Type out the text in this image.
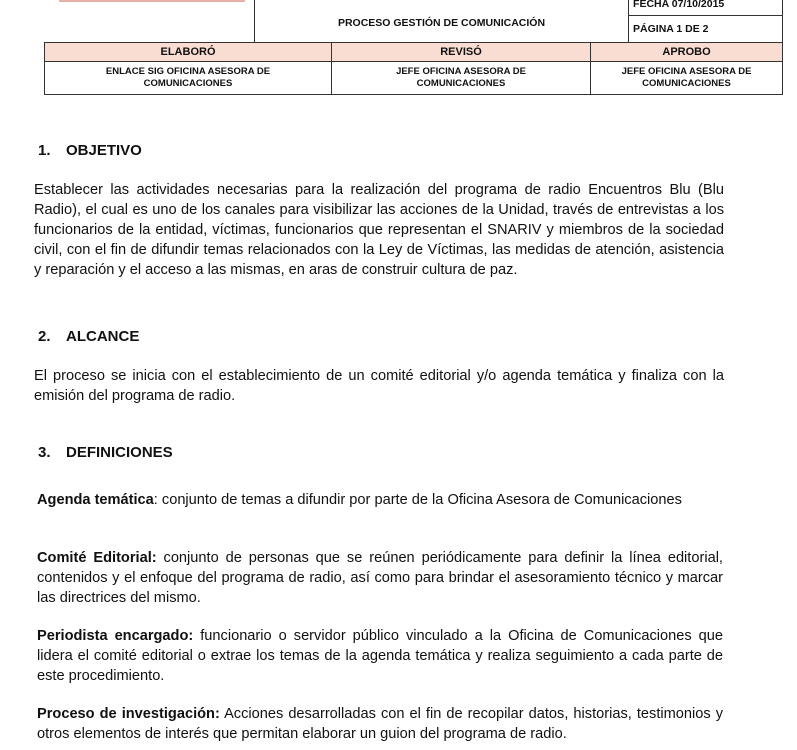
	PROCESO GESTIÓN DE COMUNICACIÓN			FECHA 07/10/2015
PÁGINA 1 DE 2

ELABORÓ		REVISÓ	APROBO	
ENLACE SIG OFICINA ASESORA DE COMUNICACIONES		JEFE OFICINA ASESORA DE COMUNICACIONES	JEFE OFICINA ASESORA DE COMUNICACIONES	
1. OBJETIVO

Establecer las actividades necesarias para la realización del programa de radio Encuentros Blu (Blu Radio), el cual es uno de los canales para visibilizar las acciones de la Unidad, través de entrevistas a los funcionarios de la entidad, víctimas, funcionarios que representan el SNARIV y miembros de la sociedad civil, con el fin de difundir temas relacionados con la Ley de Víctimas, las medidas de atención, asistencia y reparación y el acceso a las mismas, en aras de construir cultura de paz.

2. ALCANCE

El proceso se inicia con el establecimiento de un comité editorial y/o agenda temática y finaliza con la emisión del programa de radio.

3. DEFINICIONES

Agenda temática: conjunto de temas a difundir por parte de la Oficina Asesora de Comunicaciones

Comité Editorial: conjunto de personas que se reúnen periódicamente para definir la línea editorial, contenidos y el enfoque del programa de radio, así como para brindar el asesoramiento técnico y marcar las directrices del mismo.

Periodista encargado: funcionario o servidor público vinculado a la Oficina de Comunicaciones que lidera el comité editorial o extrae los temas de la agenda temática y realiza seguimiento a cada parte de este procedimiento.

Proceso de investigación: Acciones desarrolladas con el fin de recopilar datos, historias, testimonios y otros elementos de interés que permitan elaborar un guion del programa de radio.
